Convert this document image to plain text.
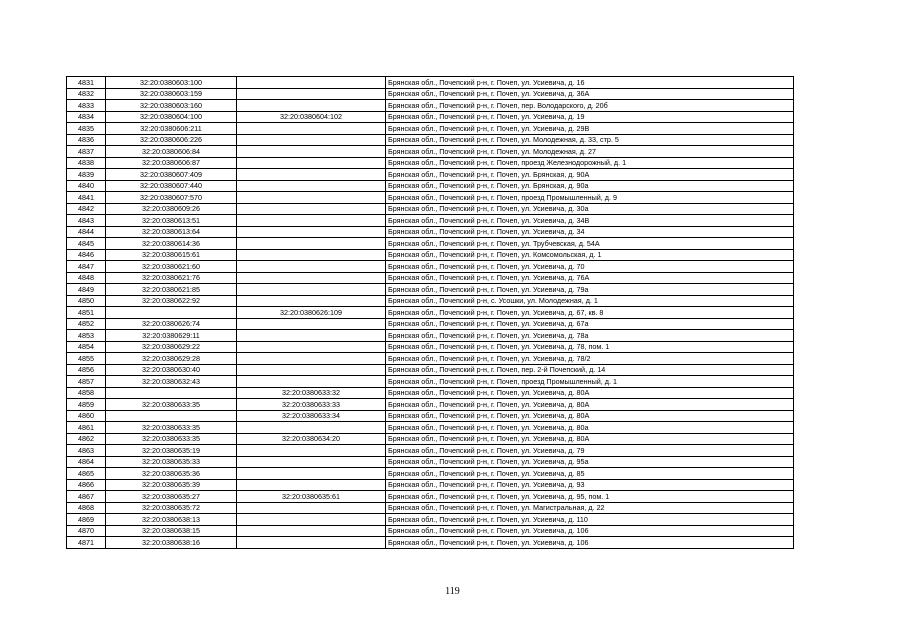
4831	32:20:0380603:100		Брянская обл., Почепский р-н, г. Почеп, ул. Усиевича, д. 16
4832	32:20:0380603:159		Брянская обл., Почепский р-н, г. Почеп, ул. Усиевича, д. 36А
4833	32:20:0380603:160		Брянская обл., Почепский р-н, г. Почеп, пер. Володарского, д. 20б
4834	32:20:0380604:100	32:20:0380604:102	Брянская обл., Почепский р-н, г. Почеп, ул. Усиевича, д. 19
4835	32:20:0380606:211		Брянская обл., Почепский р-н, г. Почеп, ул. Усиевича, д. 29В
4836	32:20:0380606:226		Брянская обл., Почепский р-н, г. Почеп, ул. Молодежная, д. 33, стр. 5
4837	32:20:0380606:84		Брянская обл., Почепский р-н, г. Почеп, ул. Молодежная, д. 27
4838	32:20:0380606:87		Брянская обл., Почепский р-н, г. Почеп, проезд Железнодорожный, д. 1
4839	32:20:0380607:409		Брянская обл., Почепский р-н, г. Почеп, ул. Брянская, д. 90А
4840	32:20:0380607:440		Брянская обл., Почепский р-н, г. Почеп, ул. Брянская, д. 90а
4841	32:20:0380607:570		Брянская обл., Почепский р-н, г. Почеп, проезд Промышленный, д. 9
4842	32:20:0380609:26		Брянская обл., Почепский р-н, г. Почеп, ул. Усиевича, д. 30а
4843	32:20:0380613:51		Брянская обл., Почепский р-н, г. Почеп, ул. Усиевича, д. 34В
4844	32:20:0380613:64		Брянская обл., Почепский р-н, г. Почеп, ул. Усиевича, д. 34
4845	32:20:0380614:36		Брянская обл., Почепский р-н, г. Почеп, ул. Трубчевская, д. 54А
4846	32:20:0380615:61		Брянская обл., Почепский р-н, г. Почеп, ул. Комсомольская, д. 1
4847	32:20:0380621:60		Брянская обл., Почепский р-н, г. Почеп, ул. Усиевича, д. 70
4848	32:20:0380621:76		Брянская обл., Почепский р-н, г. Почеп, ул. Усиевича, д. 76А
4849	32:20:0380621:85		Брянская обл., Почепский р-н, г. Почеп, ул. Усиевича, д. 79а
4850	32:20:0380622:92		Брянская обл., Почепский р-н, с. Усошки, ул. Молодежная, д. 1
4851		32:20:0380626:109	Брянская обл., Почепский р-н, г. Почеп, ул. Усиевича, д. 67, кв. 8
4852	32:20:0380626:74		Брянская обл., Почепский р-н, г. Почеп, ул. Усиевича, д. 67а
4853	32:20:0380629:11		Брянская обл., Почепский р-н, г. Почеп, ул. Усиевича, д. 78а
4854	32:20:0380629:22		Брянская обл., Почепский р-н, г. Почеп, ул. Усиевича, д. 78, пом. 1
4855	32:20:0380629:28		Брянская обл., Почепский р-н, г. Почеп, ул. Усиевича, д. 78/2
4856	32:20:0380630:40		Брянская обл., Почепский р-н, г. Почеп, пер. 2-й Почепский, д. 14
4857	32:20:0380632:43		Брянская обл., Почепский р-н, г. Почеп, проезд Промышленный, д. 1
4858		32:20:0380633:32	Брянская обл., Почепский р-н, г. Почеп, ул. Усиевича, д. 80А
4859	32:20:0380633:35	32:20:0380633:33	Брянская обл., Почепский р-н, г. Почеп, ул. Усиевича, д. 80А
4860		32:20:0380633:34	Брянская обл., Почепский р-н, г. Почеп, ул. Усиевича, д. 80А
4861	32:20:0380633:35		Брянская обл., Почепский р-н, г. Почеп, ул. Усиевича, д. 80а
4862	32:20:0380633:35	32:20:0380634:20	Брянская обл., Почепский р-н, г. Почеп, ул. Усиевича, д. 80А
4863	32:20:0380635:19		Брянская обл., Почепский р-н, г. Почеп, ул. Усиевича, д. 79
4864	32:20:0380635:33		Брянская обл., Почепский р-н, г. Почеп, ул. Усиевича, д. 95а
4865	32:20:0380635:36		Брянская обл., Почепский р-н, г. Почеп, ул. Усиевича, д. 85
4866	32:20:0380635:39		Брянская обл., Почепский р-н, г. Почеп, ул. Усиевича, д. 93
4867	32:20:0380635:27	32:20:0380635:61	Брянская обл., Почепский р-н, г. Почеп, ул. Усиевича, д. 95, пом. 1
4868	32:20:0380635:72		Брянская обл., Почепский р-н, г. Почеп, ул. Магистральная, д. 22
4869	32:20:0380638:13		Брянская обл., Почепский р-н, г. Почеп, ул. Усиевича, д. 110
4870	32:20:0380638:15		Брянская обл., Почепский р-н, г. Почеп, ул. Усиевича, д. 106
4871	32:20:0380638:16		Брянская обл., Почепский р-н, г. Почеп, ул. Усиевича, д. 106
119
